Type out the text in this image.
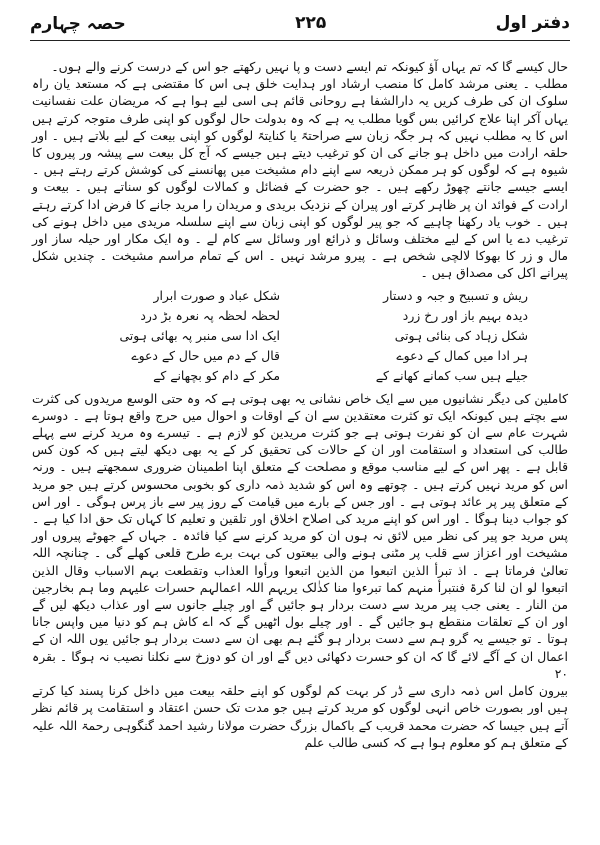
دفتر اول
۲۲۵
حصہ چہارم

حال کیسے گا کہ تم یہاں آؤ کیونکہ تم ایسے دست و پا نہیں رکھتے جو اس کے درست کرنے والے ہوں۔

مطلب ۔ یعنی مرشد کامل کا منصب ارشاد اور ہدایت خلق ہی اس کا مقتضی ہے کہ مستعد یان راہ سلوک ان کی طرف کریں یہ دارالشفا ہے روحانی قائم ہی اسی لیے ہوا ہے کہ مریضان علت نفسانیت یہاں آکر اپنا علاج کرائیں بس گویا مطلب یہ ہے کہ وہ بدولت حال لوگوں کو اپنی طرف متوجہ کرتے ہیں اس کا یہ مطلب نہیں کہ ہر جگہ زبان سے صراحتہً یا کنایتہً لوگوں کو اپنی بیعت کے لیے بلاتے ہیں ۔ اور حلقہ ارادت میں داخل ہو جانے کی ان کو ترغیب دیتے ہیں جیسے کہ آج کل بیعت سے پیشہ ور پیروں کا شیوہ ہے کہ لوگوں کو ہر ممکن ذریعہ سے اپنے دام مشیخت میں پھانسنے کی کوشش کرتے رہتے ہیں ۔ ایسے جیسے جانتے چھوڑ رکھے ہیں ۔ جو حضرت کے فضائل و کمالات لوگوں کو سناتے ہیں ۔ بیعت و ارادت کے فوائد ان پر ظاہر کرتے اور پیران کے نزدیک بریدی و مریدان را مرید جانے کا فرض ادا کرتے رہتے ہیں ۔ خوب یاد رکھنا چاہیے کہ جو پیر لوگوں کو اپنی زبان سے اپنے سلسلہ مریدی میں داخل ہونے کی ترغیب دے یا اس کے لیے مختلف وسائل و ذرائع اور وسائل سے کام لے ۔ وہ ایک مکار اور حیلہ ساز اور مال و زر کا بھوکا لالچی شخص ہے ۔ پیرو مرشد نہیں ۔ اس کے تمام مراسم مشیخت ۔ چندیں شکل پیرانے اکل کی مصداق ہیں ۔

ریش و تسبیح و جبہ و دستار
شکل عباد و صورت ابرار
دیدہ بہیم باز اور رخ زرد
لحظہ لحظہ پہ نعرہ بڑ درد
شکل زہاد کی بنائی ہوتی
ایک ادا سی منبر پہ بھائی ہوتی
ہر ادا میں کمال کے دعوے
قال کے دم میں حال کے دعوے
جیلے ہیں سب کمانے کھانے کے
مکر کے دام کو بچھانے کے

کاملین کی دیگر نشانیوں میں سے ایک خاص نشانی یہ بھی ہوتی ہے کہ وہ حتی الوسع مریدوں کی کثرت سے بچتے ہیں کیونکہ ایک تو کثرت معتقدین سے ان کے اوقات و احوال میں حرج واقع ہوتا ہے ۔ دوسرے شہرت عام سے ان کو نفرت ہوتی ہے جو کثرت مریدین کو لازم ہے ۔ تیسرے وہ مرید کرنے سے پہلے طالب کی استعداد و استقامت اور ان کے حالات کی تحقیق کر کے یہ بھی دیکھ لیتے ہیں کہ کون کس قابل ہے ۔ پھر اس کے لیے مناسب موقع و مصلحت کے متعلق اپنا اطمینان ضروری سمجھتے ہیں ۔ ورنہ اس کو مرید نہیں کرتے ہیں ۔ چوتھے وہ اس کو شدید ذمہ داری کو بخوبی محسوس کرتے ہیں جو مرید کے متعلق پیر پر عائد ہوتی ہے ۔ اور جس کے بارے میں قیامت کے روز پیر سے باز پرس ہوگی ۔ اور اس کو جواب دینا ہوگا ۔ اور اس کو اپنے مرید کی اصلاح اخلاق اور تلقین و تعلیم کا کہاں تک حق ادا کیا ہے ۔ پس مرید جو پیر کی نظر میں لائق نہ ہوں ان کو مرید کرنے سے کیا فائدہ ۔ جہاں کے جھوٹے پیروں اور مشیخت اور اعزاز سے قلب پر مٹنی ہونے والی بیعتوں کی بہت برے طرح قلعی کھلے گی ۔ چنانچہ اللہ تعالیٰ فرماتا ہے ۔ اذ تبرأ الذین اتبعوا من الذین اتبعوا ورأوا العذاب وتقطعت بہم الاسباب وقال الذین اتبعوا لو ان لنا کرۃ فنتبرأ منہم کما تبرءوا منا کذٰلک یریہم اللہ اعمالہم حسرات علیہم وما ہم بخارجین من النار ۔ یعنی جب پیر مرید سے دست بردار ہو جائیں گے اور چیلے جانوں سے اور عذاب دیکھ لیں گے اور ان کے تعلقات منقطع ہو جائیں گے ۔ اور چیلے بول اٹھیں گے کہ اے کاش ہم کو دنیا میں واپس جانا ہوتا ۔ تو جیسے یہ گرو ہم سے دست بردار ہو گئے ہم بھی ان سے دست بردار ہو جائیں یوں اللہ ان کے اعمال ان کے آگے لائے گا کہ ان کو حسرت دکھائی دیں گے اور ان کو دوزخ سے نکلنا نصیب نہ ہوگا ۔ بقرہ ۲۰

بیرون کامل اس ذمہ داری سے ڈر کر بہت کم لوگوں کو اپنے حلقہ بیعت میں داخل کرنا پسند کیا کرتے ہیں اور بصورت خاص انہی لوگوں کو مرید کرتے ہیں جو مدت تک حسن اعتقاد و استقامت پر قائم نظر آتے ہیں جیسا کہ حضرت محمد قریب کے باکمال بزرگ حضرت مولانا رشید احمد گنگوہی رحمۃ اللہ علیہ کے متعلق ہم کو معلوم ہوا ہے کہ کسی طالب علم
